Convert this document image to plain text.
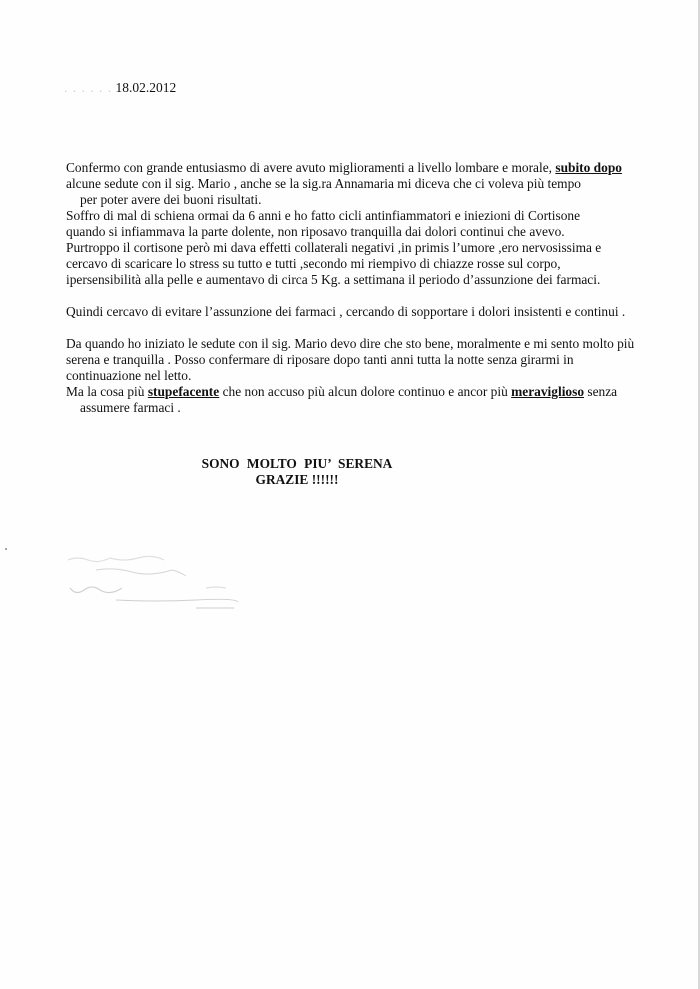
. . . . . . 18.02.2012

Confermo con grande entusiasmo di avere avuto miglioramenti a livello lombare e morale, subito dopo

alcune sedute con il sig. Mario , anche se la sig.ra Annamaria mi diceva che ci voleva più tempo

per poter avere dei buoni risultati.

Soffro di mal di schiena ormai da 6 anni e ho fatto cicli antinfiammatori e iniezioni di Cortisone

quando si infiammava la parte dolente, non riposavo tranquilla dai dolori continui che avevo.

Purtroppo il cortisone però mi dava effetti collaterali negativi ,in primis l’umore ,ero nervosissima e

cercavo di scaricare lo stress su tutto e tutti ,secondo mi riempivo di chiazze rosse sul corpo,

ipersensibilità alla pelle e aumentavo di circa 5 Kg. a settimana il periodo d’assunzione dei farmaci.

Quindi cercavo di evitare l’assunzione dei farmaci , cercando di sopportare i dolori insistenti e continui .

Da quando ho iniziato le sedute con il sig. Mario devo dire che sto bene, moralmente e mi sento molto più

serena e tranquilla . Posso confermare di riposare dopo tanti anni tutta la notte senza girarmi in

continuazione nel letto.

Ma la cosa più stupefacente che non accuso più alcun dolore continuo e ancor più meraviglioso senza

assumere farmaci .

SONO MOLTO PIU’ SERENA
GRAZIE !!!!!!
